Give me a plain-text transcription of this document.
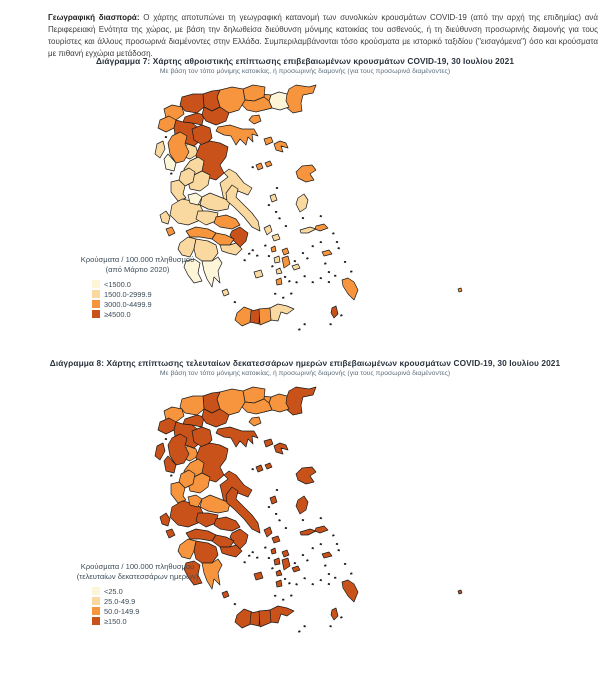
Γεωγραφική διασπορά: Ο χάρτης αποτυπώνει τη γεωγραφική κατανομή των συνολικών κρουσμάτων COVID-19 (από την αρχή της επιδημίας) ανά Περιφερειακή Ενότητα της χώρας, με βάση την δηλωθείσα διεύθυνση μόνιμης κατοικίας του ασθενούς, ή τη διεύθυνση προσωρινής διαμονής για τους τουρίστες και άλλους προσωρινά διαμένοντες στην Ελλάδα. Συμπεριλαμβάνονται τόσο κρούσματα με ιστορικό ταξιδίου ("εισαγόμενα") όσο και κρούσματα με πιθανή εγχώρια μετάδοση.

Διάγραμμα 7: Χάρτης αθροιστικής επίπτωσης επιβεβαιωμένων κρουσμάτων COVID-19, 30 Ιουλίου 2021
Με βάση τον τόπο μόνιμης κατοικίας, ή προσωρινής διαμονής (για τους προσωρινά διαμένοντες)
Κρούσματα / 100.000 πληθυσμού
(από Μάρτιο 2020)
<1500.0
1500.0-2999.9
3000.0-4499.9
≥4500.0
Διάγραμμα 8: Χάρτης επίπτωσης τελευταίων δεκατεσσάρων ημερών επιβεβαιωμένων κρουσμάτων COVID-19, 30 Ιουλίου 2021
Με βάση τον τόπο μόνιμης κατοικίας, ή προσωρινής διαμονής (για τους προσωρινά διαμένοντες)
Κρούσματα / 100.000 πληθυσμού
(τελευταίων δεκατεσσάρων ημερών)
<25.0
25.0-49.9
50.0-149.9
≥150.0
